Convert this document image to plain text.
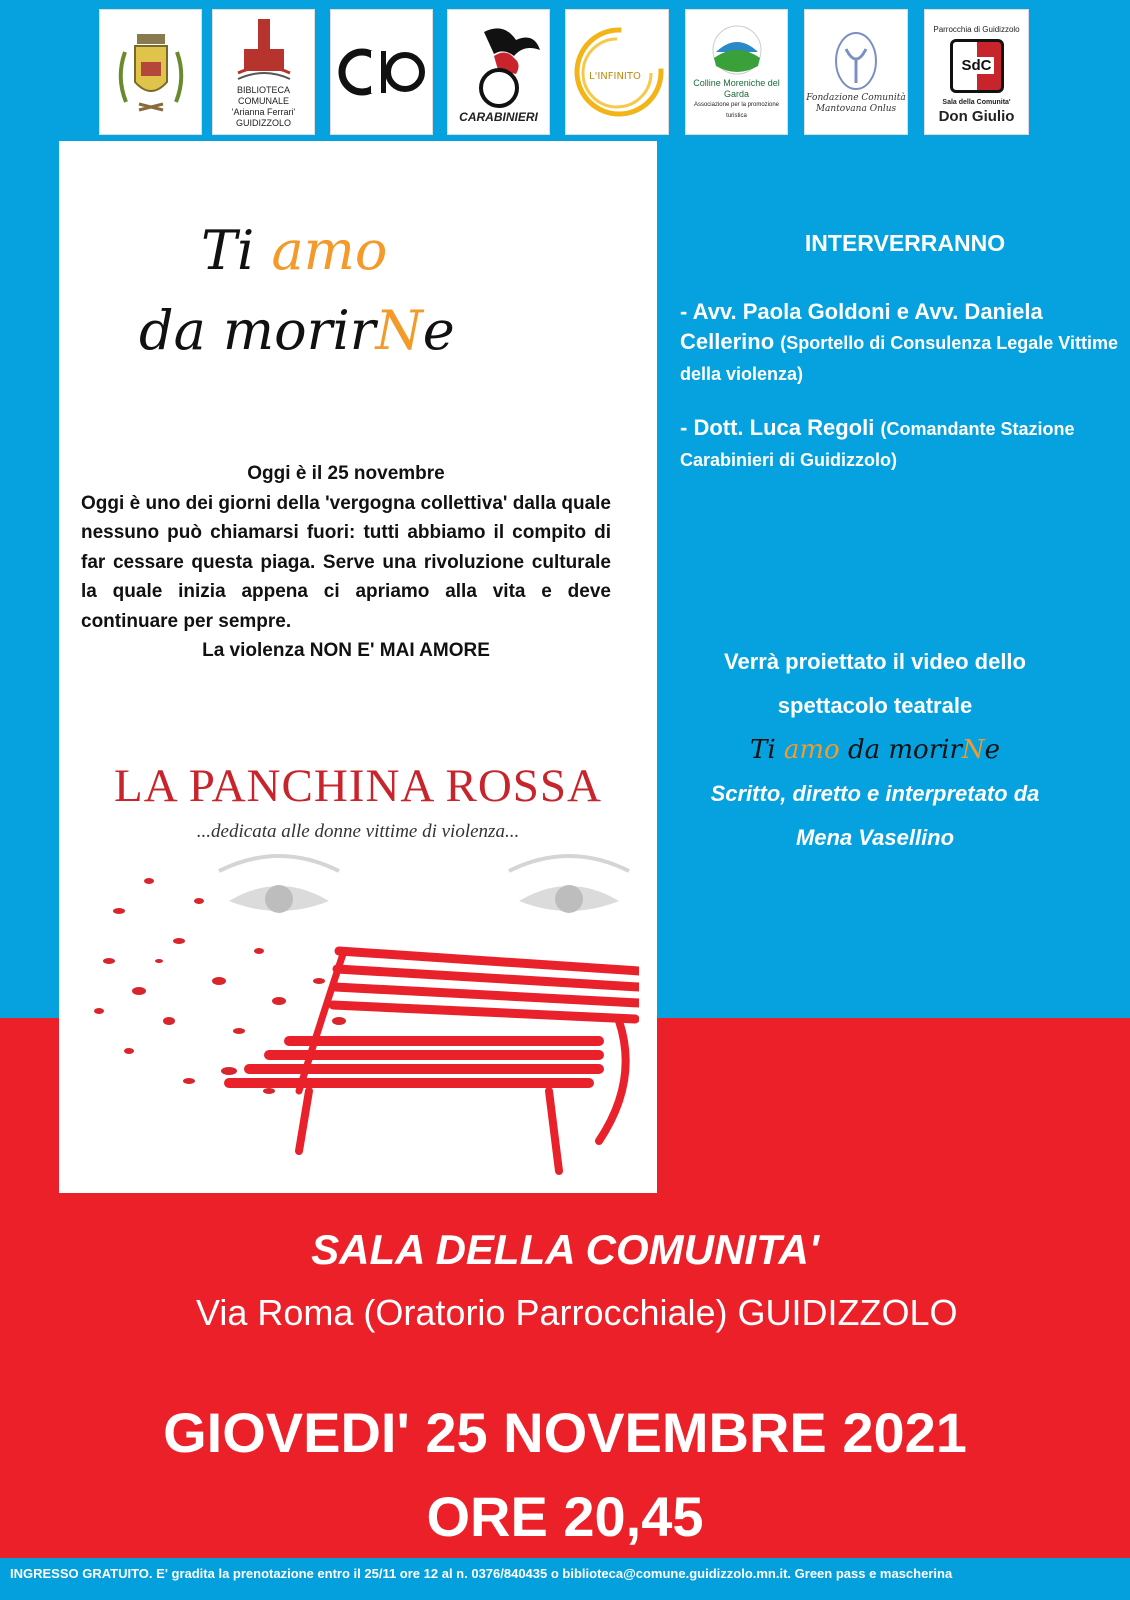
BIBLIOTECA COMUNALE
'Arianna Ferrari'
GUIDIZZOLO	CARABINIERI
L'INFINITO
Colline Moreniche del Garda
Associazione per la promozione turistica
Fondazione Comunità
Mantovana Onlus
Parrocchia di Guidizzolo
SdC
Sala della Comunita'
Don Giulio
Ti amo
da morirNe
Oggi è il 25 novembre
Oggi è uno dei giorni della 'vergogna collettiva' dalla quale nessuno può chiamarsi fuori: tutti abbiamo il compito di far cessare questa piaga. Serve una rivoluzione culturale la quale inizia appena ci apriamo alla vita e deve continuare per sempre.
La violenza NON E' MAI AMORE
LA PANCHINA ROSSA
...dedicata alle donne vittime di violenza...
INTERVERRANNO
- Avv. Paola Goldoni e Avv. Daniela Cellerino (Sportello di Consulenza Legale Vittime della violenza)
- Dott. Luca Regoli (Comandante Stazione Carabinieri di Guidizzolo)
Verrà proiettato il video dello
spettacolo teatrale
Ti amo da morirNe
Scritto, diretto e interpretato da
Mena Vasellino
SALA DELLA COMUNITA'
Via Roma (Oratorio Parrocchiale) GUIDIZZOLO
GIOVEDI' 25 NOVEMBRE 2021
ORE 20,45
INGRESSO GRATUITO. E' gradita la prenotazione entro il 25/11 ore 12 al n. 0376/840435 o biblioteca@comune.guidizzolo.mn.it. Green pass e mascherina
